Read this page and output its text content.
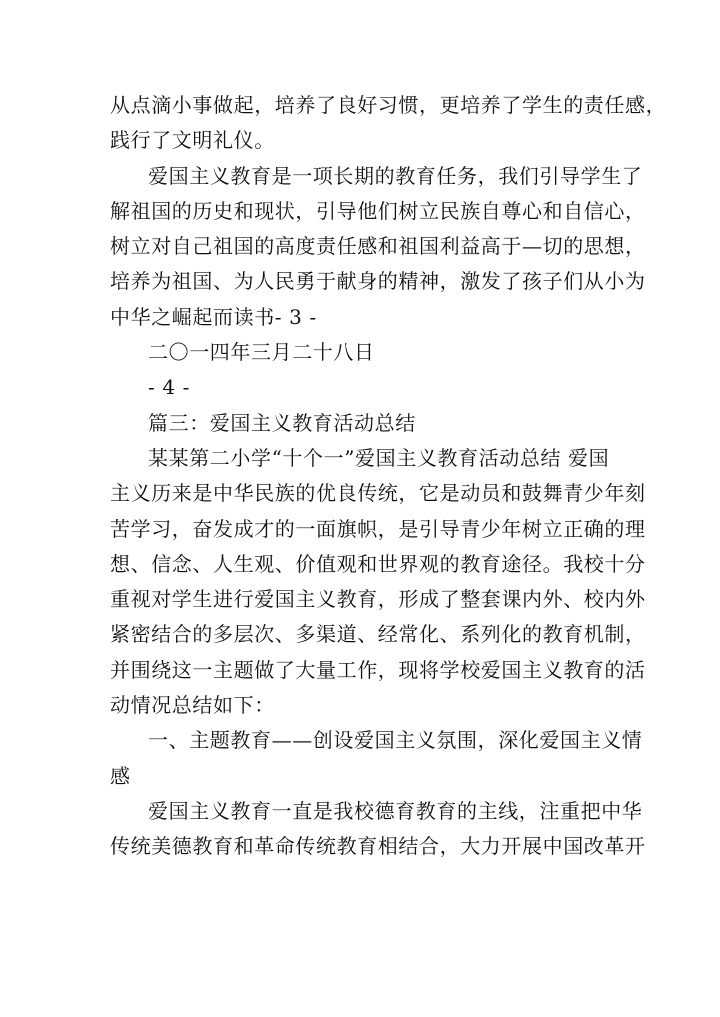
从点滴小事做起，培养了良好习惯，更培养了学生的责任感，
践行了文明礼仪。
爱国主义教育是一项长期的教育任务，我们引导学生了
解祖国的历史和现状，引导他们树立民族自尊心和自信心，
树立对自己祖国的高度责任感和祖国利益高于—切的思想，
培养为祖国、为人民勇于献身的精神，激发了孩子们从小为
中华之崛起而读书- 3 -
二〇一四年三月二十八日
- 4 -
篇三：爱国主义教育活动总结
某某第二小学“十个一”爱国主义教育活动总结 爱国
主义历来是中华民族的优良传统，它是动员和鼓舞青少年刻
苦学习，奋发成才的一面旗帜，是引导青少年树立正确的理
想、信念、人生观、价值观和世界观的教育途径。我校十分
重视对学生进行爱国主义教育，形成了整套课内外、校内外
紧密结合的多层次、多渠道、经常化、系列化的教育机制，
并围绕这一主题做了大量工作，现将学校爱国主义教育的活
动情况总结如下：
一、主题教育——创设爱国主义氛围，深化爱国主义情
感
爱国主义教育一直是我校德育教育的主线，注重把中华
传统美德教育和革命传统教育相结合，大力开展中国改革开
